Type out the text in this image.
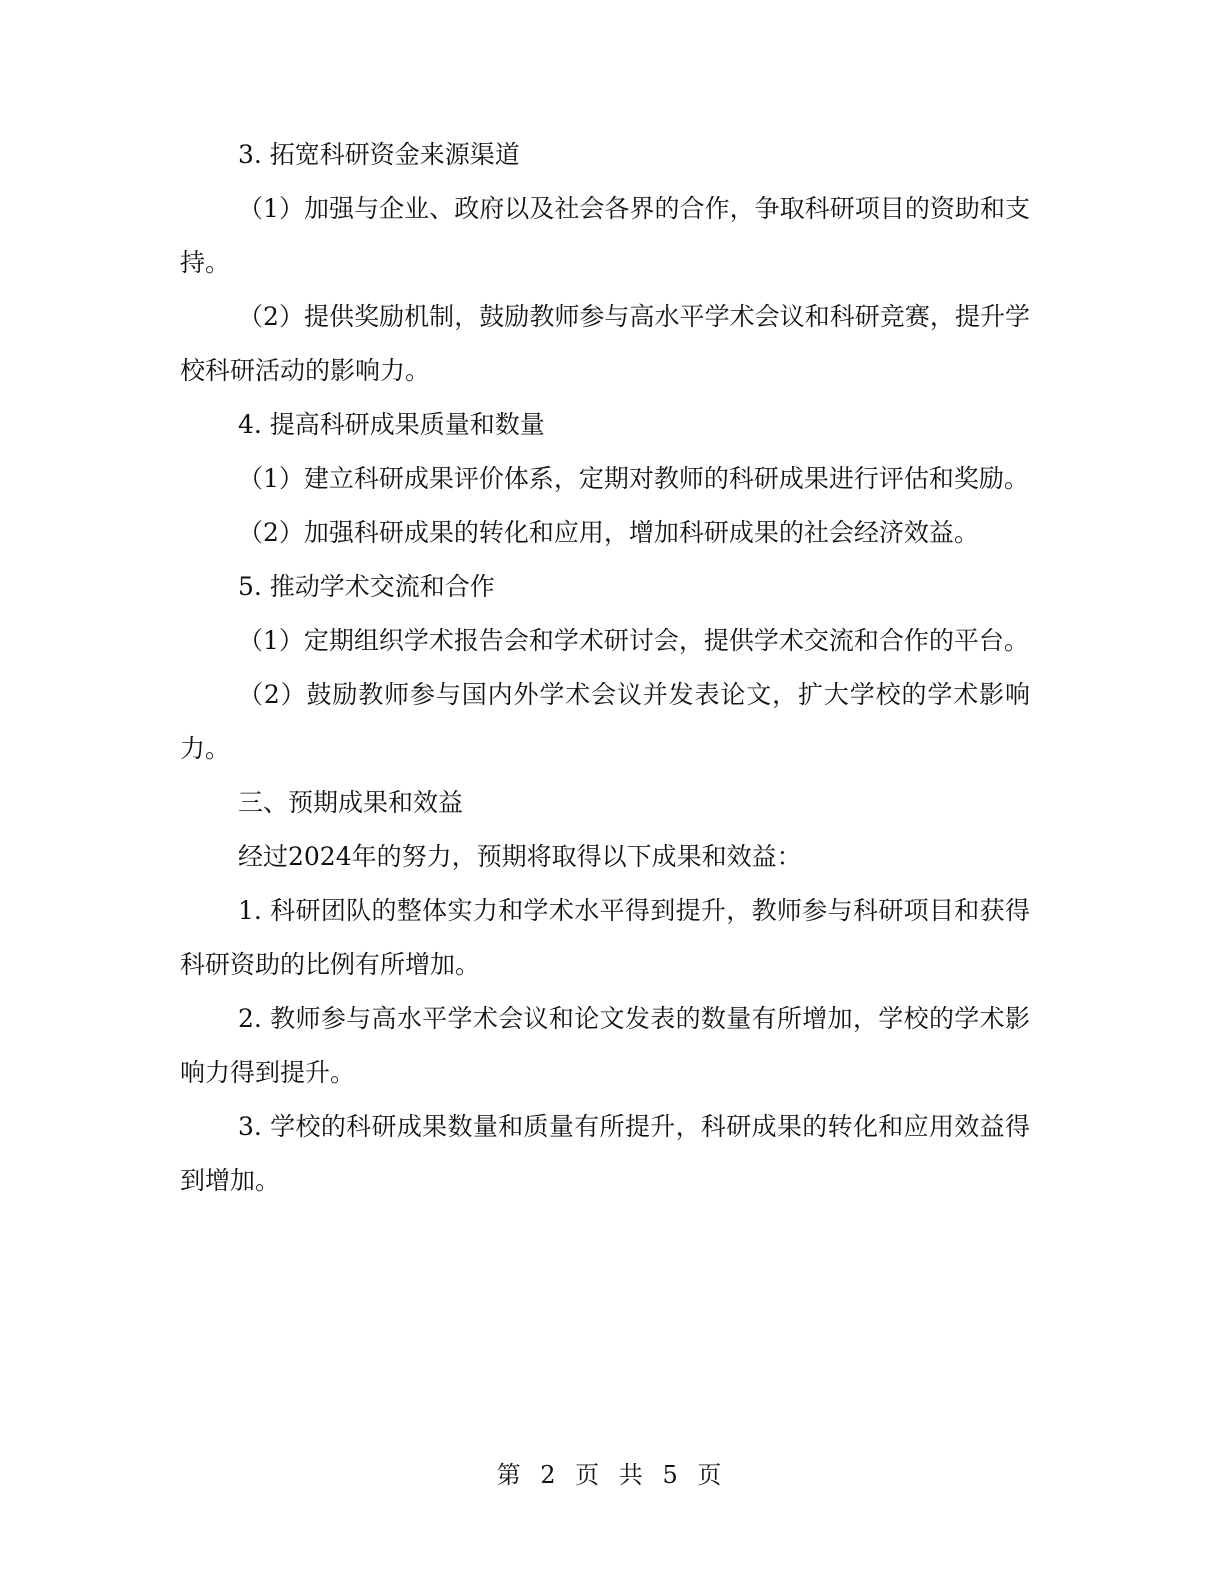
3. 拓宽科研资金来源渠道

（1）加强与企业、政府以及社会各界的合作，争取科研项目的资助和支持。

（2）提供奖励机制，鼓励教师参与高水平学术会议和科研竞赛，提升学校科研活动的影响力。

4. 提高科研成果质量和数量

（1）建立科研成果评价体系，定期对教师的科研成果进行评估和奖励。

（2）加强科研成果的转化和应用，增加科研成果的社会经济效益。

5. 推动学术交流和合作

（1）定期组织学术报告会和学术研讨会，提供学术交流和合作的平台。

（2）鼓励教师参与国内外学术会议并发表论文，扩大学校的学术影响力。

三、预期成果和效益

经过2024年的努力，预期将取得以下成果和效益：

1. 科研团队的整体实力和学术水平得到提升，教师参与科研项目和获得科研资助的比例有所增加。

2. 教师参与高水平学术会议和论文发表的数量有所增加，学校的学术影响力得到提升。

3. 学校的科研成果数量和质量有所提升，科研成果的转化和应用效益得到增加。

第 2 页 共 5 页
